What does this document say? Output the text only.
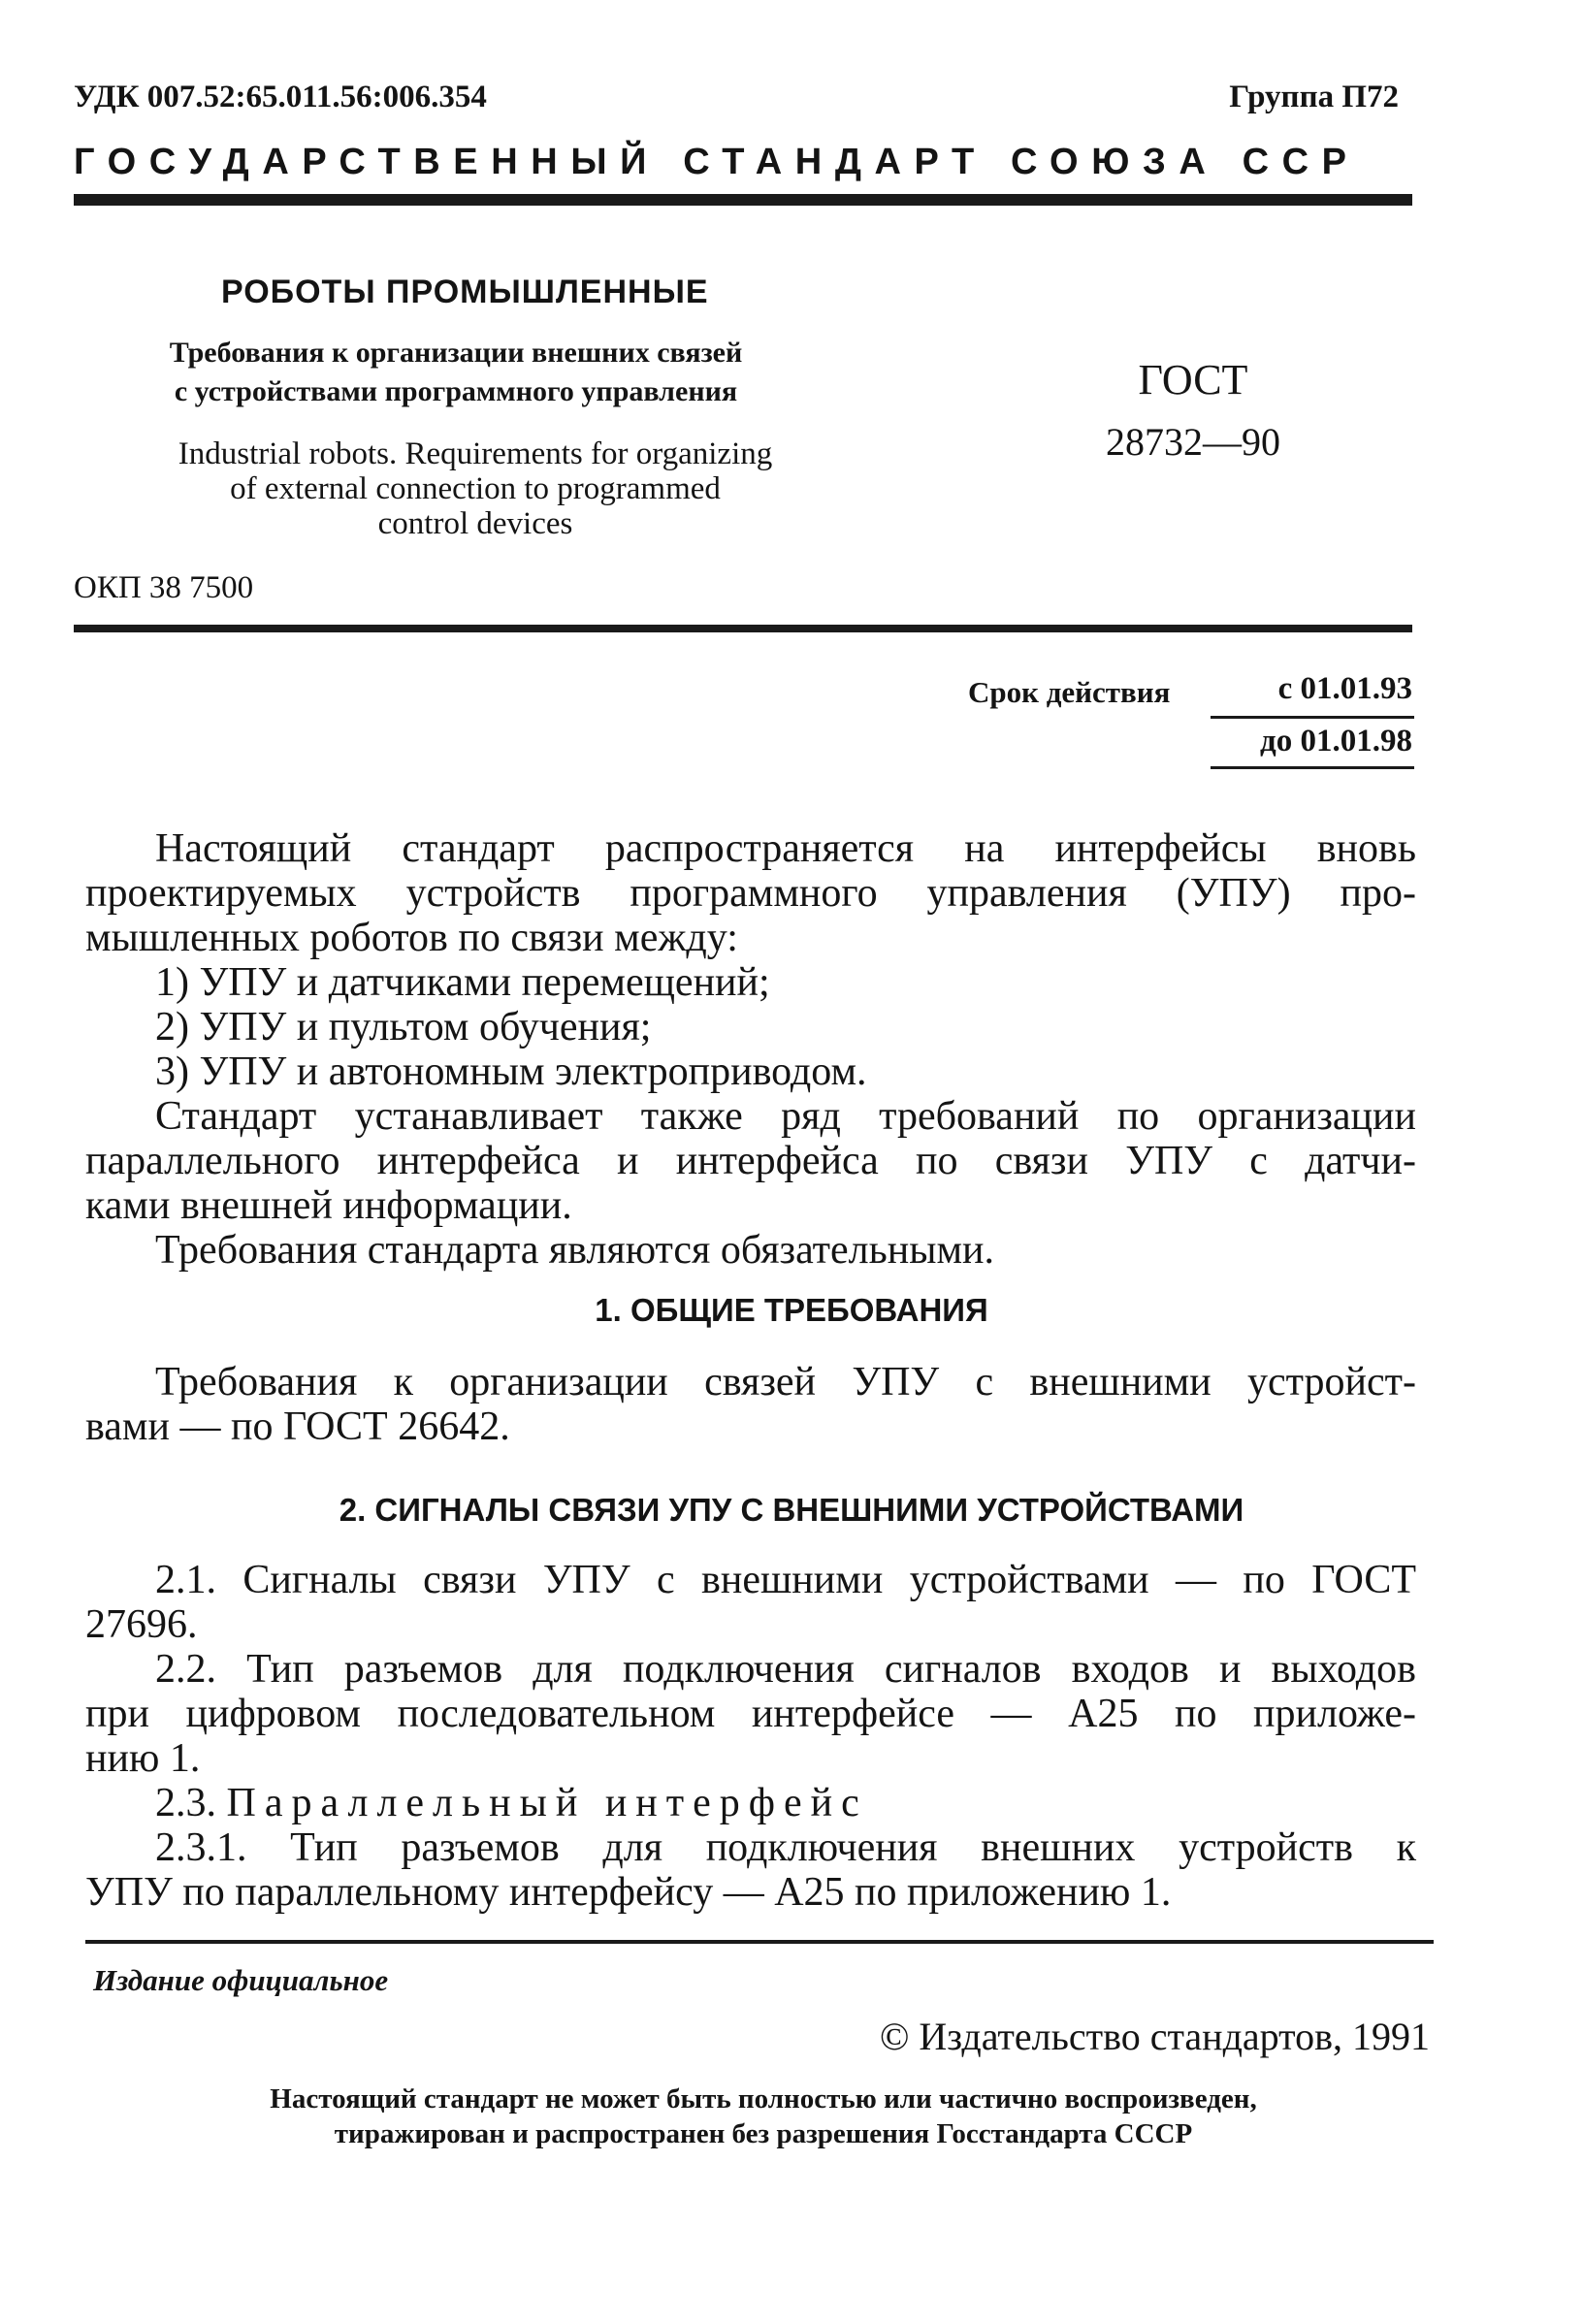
УДК 007.52:65.011.56:006.354	Группа П72
ГОСУДАРСТВЕННЫЙ СТАНДАРТ СОЮЗА ССР
РОБОТЫ ПРОМЫШЛЕННЫЕ
Требования к организации внешних связей
с устройствами программного управления
Industrial robots. Requirements for organizing
of external connection to programmed
control devices
ГОСТ
28732—90
ОКП 38 7500
Срок действия	с 01.01.93
до 01.01.98
Настоящий стандарт распространяется на интерфейсы вновь
проектируемых устройств программного управления (УПУ) про-
мышленных роботов по связи между:
1) УПУ и датчиками перемещений;
2) УПУ и пультом обучения;
3) УПУ и автономным электроприводом.
Стандарт устанавливает также ряд требований по организации
параллельного интерфейса и интерфейса по связи УПУ с датчи-
ками внешней информации.
Требования стандарта являются обязательными.
1. ОБЩИЕ ТРЕБОВАНИЯ
Требования к организации связей УПУ с внешними устройст-
вами — по ГОСТ 26642.
2. СИГНАЛЫ СВЯЗИ УПУ С ВНЕШНИМИ УСТРОЙСТВАМИ
2.1. Сигналы связи УПУ с внешними устройствами — по ГОСТ
27696.
2.2. Тип разъемов для подключения сигналов входов и выходов
при цифровом последовательном интерфейсе — А25 по приложе-
нию 1.
2.3. Параллельный интерфейс
2.3.1. Тип разъемов для подключения внешних устройств к
УПУ по параллельному интерфейсу — А25 по приложению 1.
Издание официальное
© Издательство стандартов, 1991
Настоящий стандарт не может быть полностью или частично воспроизведен,
тиражирован и распространен без разрешения Госстандарта СССР
